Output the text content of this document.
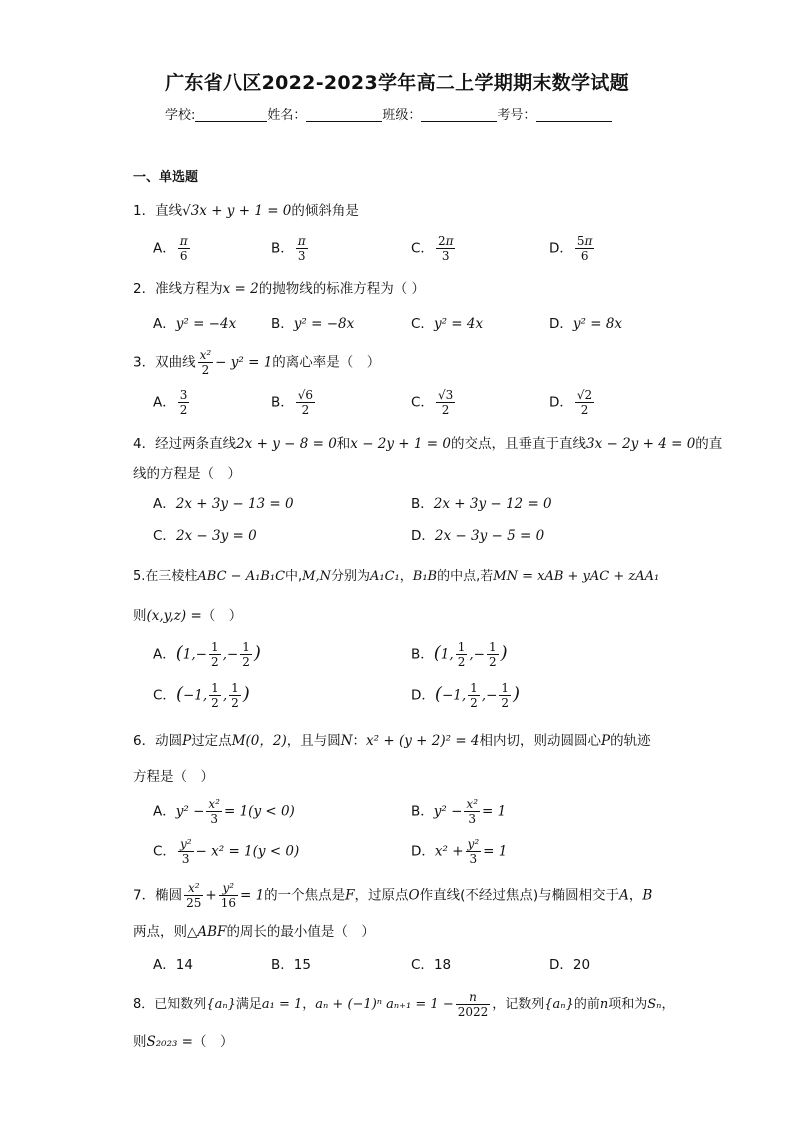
广东省八区2022-2023学年高二上学期期末数学试题
学校:	姓名：	班级：	考号：
一、单选题
1．直线√3x + y + 1 = 0的倾斜角是
A． $\frac{\pi}{6}$	B． $\frac{\pi}{3}$	C． $\frac{2\pi}{3}$	D． $\frac{5\pi}{6}$
2．准线方程为x = 2的抛物线的标准方程为（ ）
A．y² = −4x	B．y² = −8x	C．y² = 4x	D．y² = 8x
3．双曲线 $\frac{\text{x²}}{2} - y^2 = 1$的离心率是（　）
A． $\frac{3}{2}$	B． $\frac{√6}{2}$	C． $\frac{√3}{2}$	D． $\frac{√2}{2}$
4．经过两条直线2x + y − 8 = 0和x − 2y + 1 = 0的交点，且垂直于直线3x − 2y + 4 = 0的直
线的方程是（　）
A．2x + 3y − 13 = 0	B．2x + 3y − 12 = 0
C．2x − 3y = 0	D．2x − 3y − 5 = 0
5.在三棱柱ABC − A₁B₁C中,M,N分别为A₁C₁，B₁B的中点,若MN = xAB + yAC + zAA₁
则(x,y,z) =（　）
A．($1,- \frac{1}{2}$ ,− $\frac{1}{2}$ )	B．(1, $\frac{1}{2}$ ,− $\frac{1}{2}$ )
C．(−1, $\frac{1}{2}$ , $\frac{1}{2}$ )	D．(−1, $\frac{1}{2}$ ,− $\frac{1}{2}$ )
6．动圆P过定点M(0，2)，且与圆N：x² + (y + 2)² = 4相内切，则动圆圆心P的轨迹
方程是（　）
A．$y^2 - \frac{\text{x²}}{3} = 1(y < 0)$	B．$y^2 - \frac{\text{x²}}{3} = 1$
C． $\frac{\text{y²}}{3} - x^2 = 1(y < 0)$	D．$x^2 + \frac{\text{y²}}{3} = 1$
7．椭圆 $\frac{\text{x²}}{25} + \frac{\text{y²}}{16} = 1$的一个焦点是F，过原点O作直线(不经过焦点)与椭圆相交于A，B
两点，则△ABF的周长的最小值是（　）
A．14	B．15	C．18	D．20
8．已知数列{aₙ}满足a₁ = 1，aₙ + (−1)ⁿ $a_{n+1} = 1 - \frac{n}{2022}$ ，记数列{aₙ}的前n项和为Sₙ，
则S₂₀₂₃ =（　）
